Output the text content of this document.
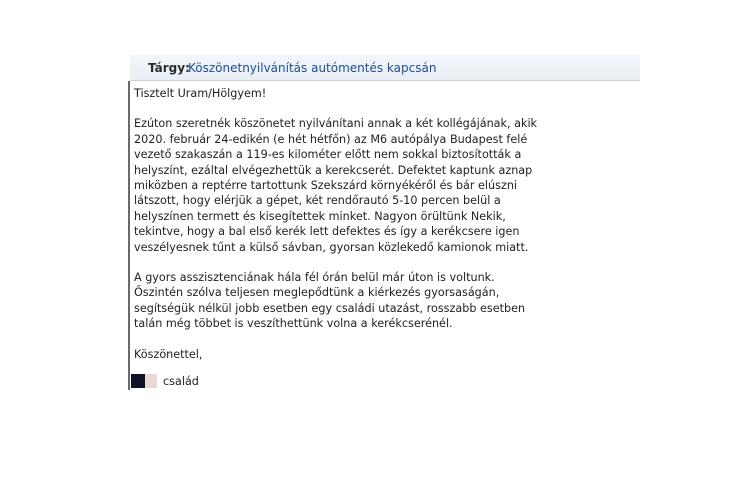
Tárgy:
Köszönetnyilvánítás autómentés kapcsán

Tisztelt Uram/Hölgyem!

Ezúton szeretnék köszönetet nyilvánítani annak a két kollégájának, akik
2020. február 24-edikén (e hét hétfőn) az M6 autópálya Budapest felé
vezető szakaszán a 119-es kilométer előtt nem sokkal biztosították a
helyszínt, ezáltal elvégezhettük a kerekcserét. Defektet kaptunk aznap
miközben a reptérre tartottunk Szekszárd környékéről és bár elúszni
látszott, hogy elérjük a gépet, két rendőrautó 5-10 percen belül a
helyszínen termett és kisegítettek minket. Nagyon örültünk Nekik,
tekintve, hogy a bal első kerék lett defektes és így a kerékcsere igen
veszélyesnek tűnt a külső sávban, gyorsan közlekedő kamionok miatt.

A gyors asszisztenciának hála fél órán belül már úton is voltunk.
Őszintén szólva teljesen meglepődtünk a kiérkezés gyorsaságán,
segítségük nélkül jobb esetben egy családi utazást, rosszabb esetben
talán még többet is veszíthettünk volna a kerékcserénél.

Köszönettel,

család
